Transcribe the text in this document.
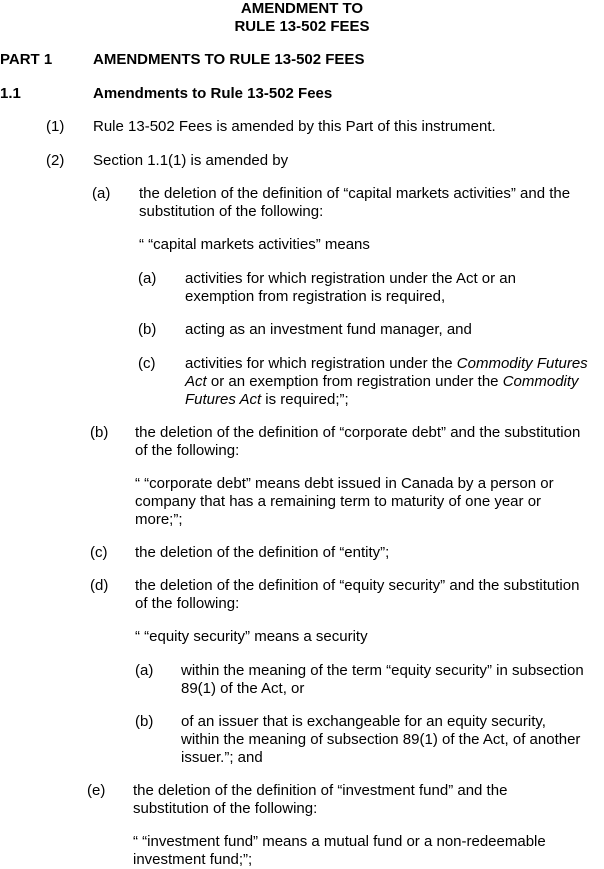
AMENDMENT TO
RULE 13-502 FEES
PART 1	AMENDMENTS TO RULE 13-502 FEES
1.1	Amendments to Rule 13-502 Fees
(1) Rule 13-502 Fees is amended by this Part of this instrument.
(2) Section 1.1(1) is amended by
(a) the deletion of the definition of “capital markets activities” and the
substitution of the following:
“ “capital markets activities” means
(a) activities for which registration under the Act or an
exemption from registration is required,
(b) acting as an investment fund manager, and
(c) activities for which registration under the Commodity Futures
Act or an exemption from registration under the Commodity
Futures Act is required;”;
(b) the deletion of the definition of “corporate debt” and the substitution
of the following:
“ “corporate debt” means debt issued in Canada by a person or
company that has a remaining term to maturity of one year or
more;”;
(c) the deletion of the definition of “entity”;
(d) the deletion of the definition of “equity security” and the substitution
of the following:
“ “equity security” means a security
(a) within the meaning of the term “equity security” in subsection
89(1) of the Act, or
(b) of an issuer that is exchangeable for an equity security,
within the meaning of subsection 89(1) of the Act, of another
issuer.”; and
(e) the deletion of the definition of “investment fund” and the
substitution of the following:
“ “investment fund” means a mutual fund or a non-redeemable
investment fund;”;
